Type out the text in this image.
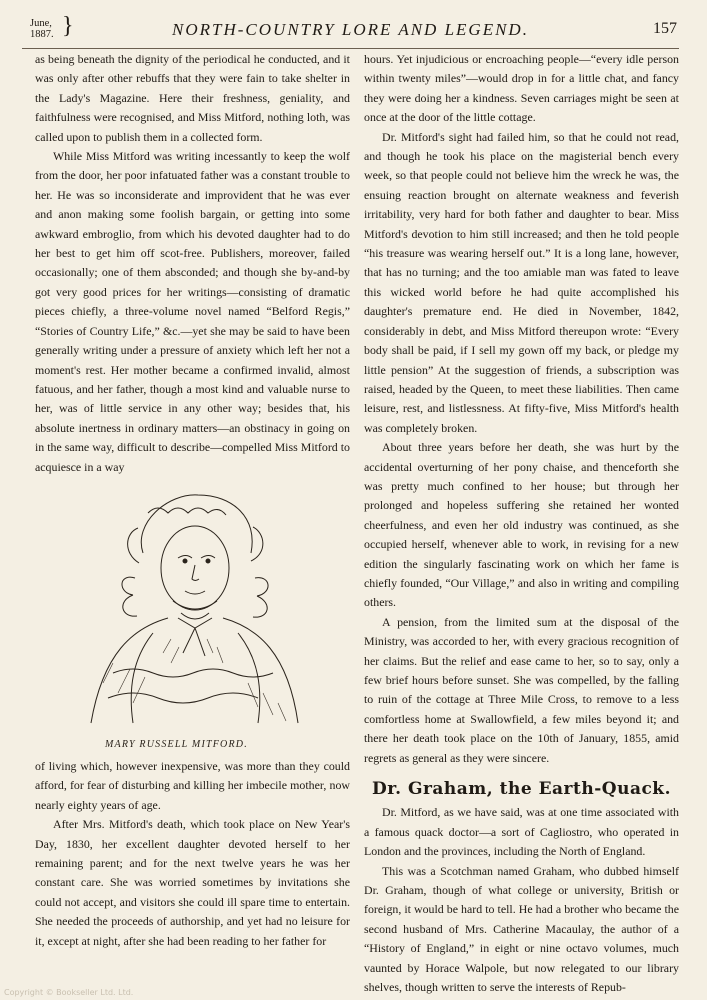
June,
1887. }	NORTH-COUNTRY LORE AND LEGEND.	157

as being beneath the dignity of the periodical he conducted, and it was only after other rebuffs that they were fain to take shelter in the Lady's Magazine. Here their freshness, geniality, and faithfulness were recognised, and Miss Mitford, nothing loth, was called upon to publish them in a collected form.

While Miss Mitford was writing incessantly to keep the wolf from the door, her poor infatuated father was a constant trouble to her. He was so inconsiderate and improvident that he was ever and anon making some foolish bargain, or getting into some awkward embroglio, from which his devoted daughter had to do her best to get him off scot-free. Publishers, moreover, failed occasionally; one of them absconded; and though she by-and-by got very good prices for her writings—consisting of dramatic pieces chiefly, a three-volume novel named “Belford Regis,” “Stories of Country Life,” &c.—yet she may be said to have been generally writing under a pressure of anxiety which left her not a moment's rest. Her mother became a confirmed invalid, almost fatuous, and her father, though a most kind and valuable nurse to her, was of little service in any other way; besides that, his absolute inertness in ordinary matters—an obstinacy in going on in the same way, difficult to describe—compelled Miss Mitford to acquiesce in a way

MARY RUSSELL MITFORD.

of living which, however inexpensive, was more than they could afford, for fear of disturbing and killing her imbecile mother, now nearly eighty years of age.

After Mrs. Mitford's death, which took place on New Year's Day, 1830, her excellent daughter devoted herself to her remaining parent; and for the next twelve years he was her constant care. She was worried sometimes by invitations she could not accept, and visitors she could ill spare time to entertain. She needed the proceeds of authorship, and yet had no leisure for it, except at night, after she had been reading to her father for

hours. Yet injudicious or encroaching people—“every idle person within twenty miles”—would drop in for a little chat, and fancy they were doing her a kindness. Seven carriages might be seen at once at the door of the little cottage.

Dr. Mitford's sight had failed him, so that he could not read, and though he took his place on the magisterial bench every week, so that people could not believe him the wreck he was, the ensuing reaction brought on alternate weakness and feverish irritability, very hard for both father and daughter to bear. Miss Mitford's devotion to him still increased; and then he told people “his treasure was wearing herself out.” It is a long lane, however, that has no turning; and the too amiable man was fated to leave this wicked world before he had quite accomplished his daughter's premature end. He died in November, 1842, considerably in debt, and Miss Mitford thereupon wrote: “Every body shall be paid, if I sell my gown off my back, or pledge my little pension” At the suggestion of friends, a subscription was raised, headed by the Queen, to meet these liabilities. Then came leisure, rest, and listlessness. At fifty-five, Miss Mitford's health was completely broken.

About three years before her death, she was hurt by the accidental overturning of her pony chaise, and thenceforth she was pretty much confined to her house; but through her prolonged and hopeless suffering she retained her wonted cheerfulness, and even her old industry was continued, as she occupied herself, whenever able to work, in revising for a new edition the singularly fascinating work on which her fame is chiefly founded, “Our Village,” and also in writing and compiling others.

A pension, from the limited sum at the disposal of the Ministry, was accorded to her, with every gracious recognition of her claims. But the relief and ease came to her, so to say, only a few brief hours before sunset. She was compelled, by the falling to ruin of the cottage at Three Mile Cross, to remove to a less comfortless home at Swallowfield, a few miles beyond it; and there her death took place on the 10th of January, 1855, amid regrets as general as they were sincere.

Dr. Graham, the Earth-Quack.

Dr. Mitford, as we have said, was at one time associated with a famous quack doctor—a sort of Cagliostro, who operated in London and the provinces, including the North of England.

This was a Scotchman named Graham, who dubbed himself Dr. Graham, though of what college or university, British or foreign, it would be hard to tell. He had a brother who became the second husband of Mrs. Catherine Macaulay, the author of a “History of England,” in eight or nine octavo volumes, much vaunted by Horace Walpole, but now relegated to our library shelves, though written to serve the interests of Repub-

Copyright © Bookseller Ltd. Ltd.
